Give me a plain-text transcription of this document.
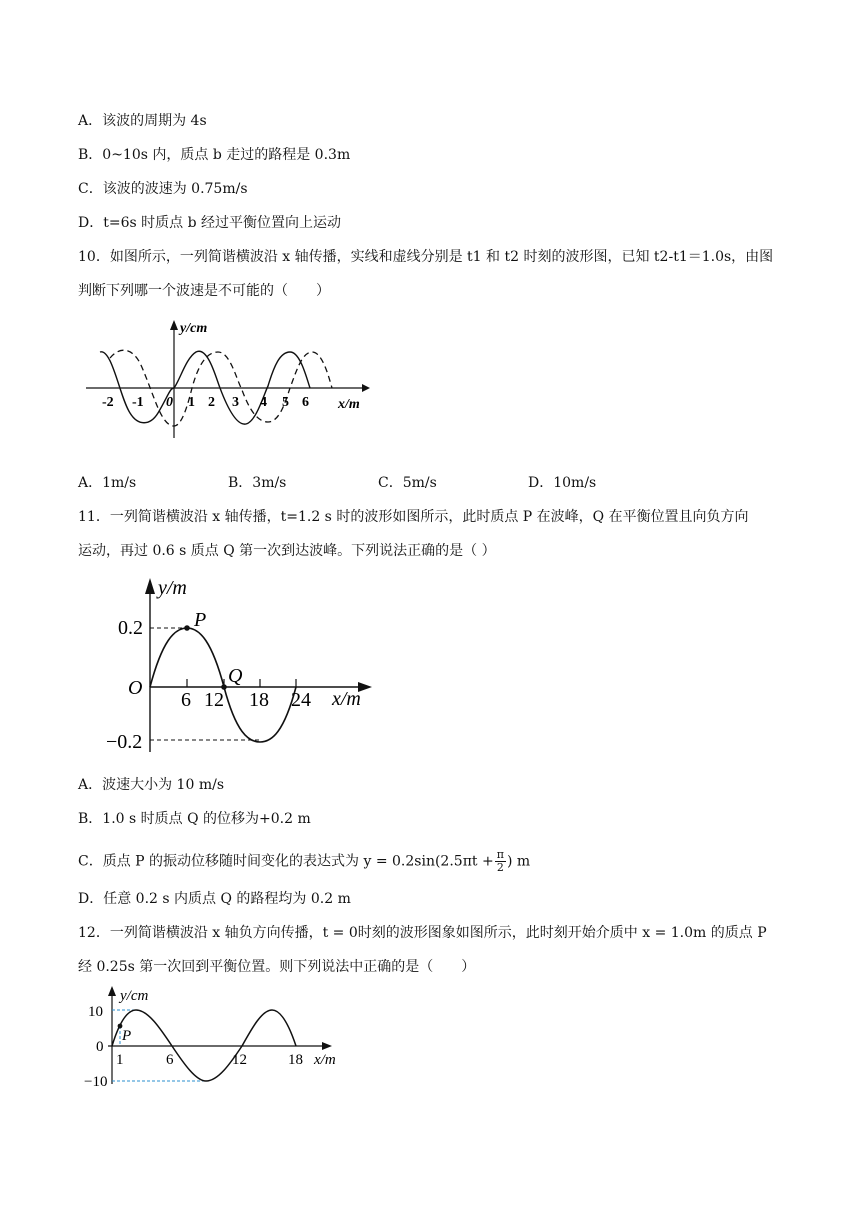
A．该波的周期为 4s
B．0~10s 内，质点 b 走过的路程是 0.3m
C．该波的波速为 0.75m/s
D．t=6s 时质点 b 经过平衡位置向上运动
10．如图所示，一列简谐横波沿 x 轴传播，实线和虚线分别是 t1 和 t2 时刻的波形图，已知 t2-t1＝1.0s，由图
判断下列哪一个波速是不可能的（　　）
y/cm
x/m
-2 -1 0 1 2 3 4 5 6
A．1m/s	B．3m/s	C．5m/s	D．10m/s
11．一列简谐横波沿 x 轴传播，t=1.2 s 时的波形如图所示，此时质点 P 在波峰，Q 在平衡位置且向负方向
运动，再过 0.6 s 质点 Q 第一次到达波峰。下列说法正确的是（ ）
y/m
x/m
O
0.2
−0.2
6 12 18 24
P
Q
A．波速大小为 10 m/s
B．1.0 s 时质点 Q 的位移为+0.2 m
C．质点 P 的振动位移随时间变化的表达式为 $y = 0.2\sin(2.5\pi t + \frac{\pi}{2}$ ) m
D．任意 0.2 s 内质点 Q 的路程均为 0.2 m
12．一列简谐横波沿 x 轴负方向传播，t = 0时刻的波形图象如图所示，此时刻开始介质中 x = 1.0m 的质点 P
经 0.25s 第一次回到平衡位置。则下列说法中正确的是（　　）
y/cm
x/m
10
0
−10
1	6	12	18
P
